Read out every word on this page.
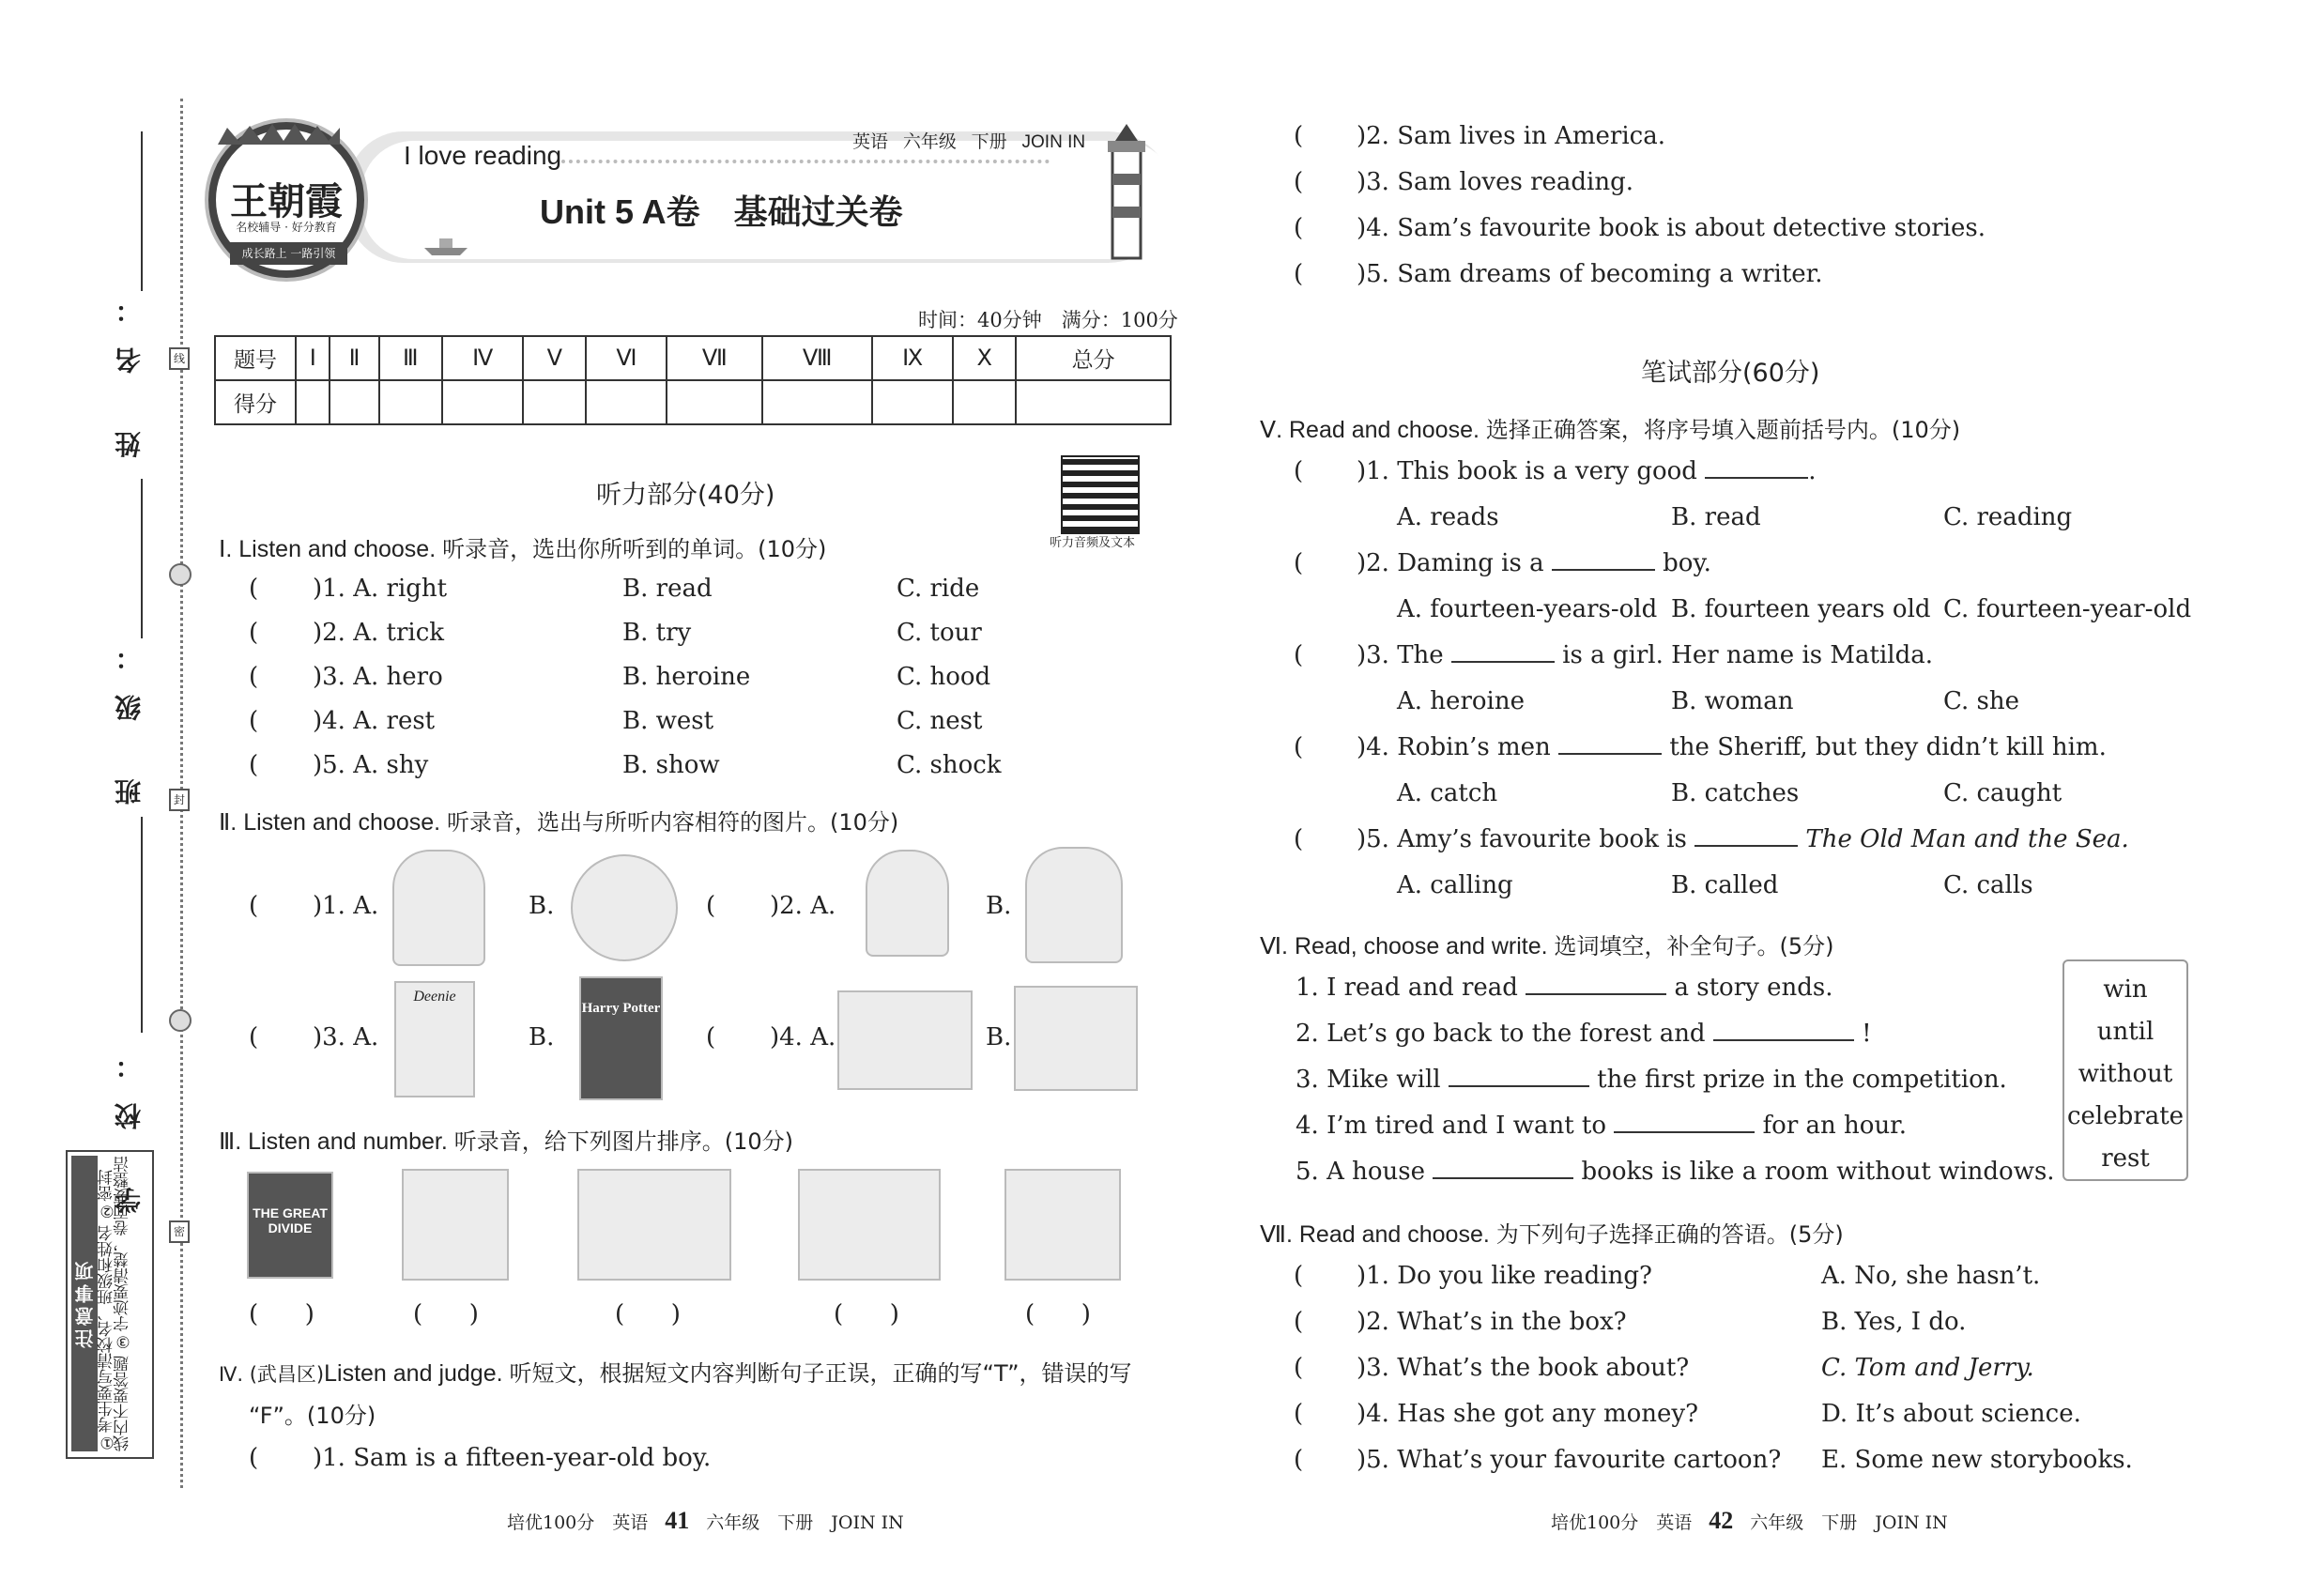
姓 名：
班 级：
学 校：
线
封
密
注意事项 ①考生要写清校名、班级和姓名 ②密封线内不要答题 ③字迹要清楚，卷面要整洁
王朝霞
名校辅导 · 好分教育
成长路上 一路引领
I love reading	英语   六年级   下册   JOIN IN
Unit 5 A卷　基础过关卷
时间：40分钟　满分：100分
题号	Ⅰ	Ⅱ	Ⅲ	Ⅳ	Ⅴ	Ⅵ	Ⅶ	Ⅷ	Ⅸ	Ⅹ	总分
得分											
听力部分(40分)
听力音频及文本
Ⅰ. Listen and choose. 听录音，选出你所听到的单词。(10分)
( )1. A. right	B. read	C. ride
( )2. A. trick	B. try	C. tour
( )3. A. hero	B. heroine	C. hood
( )4. A. rest	B. west	C. nest
( )5. A. shy	B. show	C. shock
Ⅱ. Listen and choose. 听录音，选出与所听内容相符的图片。(10分)
( )1. A.	B.	( )2. A.	B.
( )3. A.
Deenie
B.
Harry Potter
( )4. A.	B.
Ⅲ. Listen and number. 听录音，给下列图片排序。(10分)
THE GREAT DIVIDE
(      )	(      )	(      )	(      )	(      )
Ⅳ. (武昌区)Listen and judge. 听短文，根据短文内容判断句子正误，正确的写“T”，错误的写
“F”。(10分)
( )1. Sam is a fifteen-year-old boy.
( )2. Sam lives in America.
( )3. Sam loves reading.
( )4. Sam’s favourite book is about detective stories.
( )5. Sam dreams of becoming a writer.
笔试部分(60分)
Ⅴ. Read and choose. 选择正确答案，将序号填入题前括号内。(10分)
( )1. This book is a very good	.
A. reads	B. read	C. reading
( )2. Daming is a	boy.
A. fourteen-years-old B. fourteen years old C. fourteen-year-old
( )3. The	is a girl. Her name is Matilda.
A. heroine	B. woman	C. she
( )4. Robin’s men	the Sheriff, but they didn’t kill him.
A. catch	B. catches	C. caught
( )5. Amy’s favourite book is	The Old Man and the Sea.
A. calling	B. called	C. calls
Ⅵ. Read, choose and write. 选词填空，补全句子。(5分)
1. I read and read	a story ends.
2. Let’s go back to the forest and	!
3. Mike will	the first prize in the competition.
4. I’m tired and I want to	for an hour.
5. A house	books is like a room without windows.
win
until
without
celebrate
rest
Ⅶ. Read and choose. 为下列句子选择正确的答语。(5分)
( )1. Do you like reading?	A. No, she hasn’t.
( )2. What’s in the box?	B. Yes, I do.
( )3. What’s the book about?	C. Tom and Jerry.
( )4. Has she got any money?	D. It’s about science.
( )5. What’s your favourite cartoon? E. Some new storybooks.
培优100分　英语 41 六年级　下册　JOIN IN	培优100分　英语 42 六年级　下册　JOIN IN
